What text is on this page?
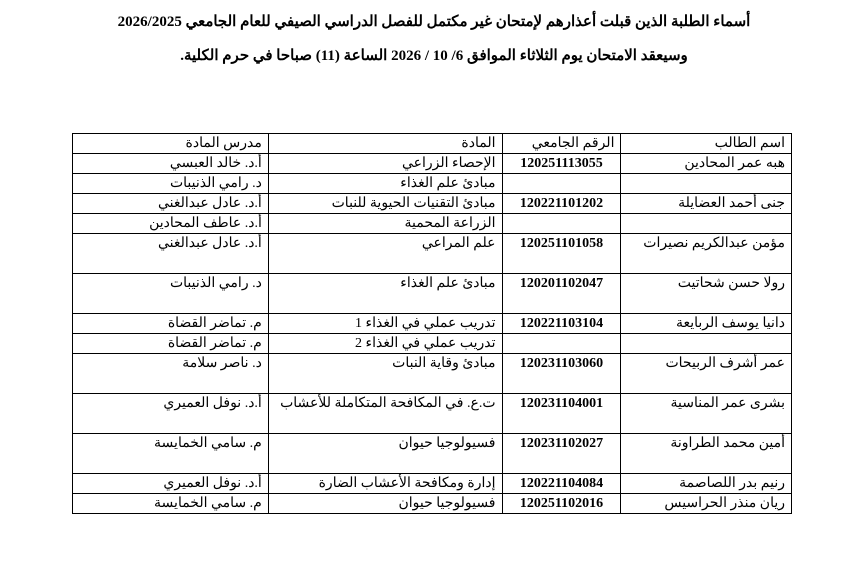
أسماء الطلبة الذين قبلت أعذارهم لإمتحان غير مكتمل للفصل الدراسي الصيفي للعام الجامعي 2026/2025
وسيعقد الامتحان يوم الثلاثاء الموافق 6/ 10 / 2026 الساعة (11) صباحا في حرم الكلية.
اسم الطالب	الرقم الجامعي	المادة	مدرس المادة
هبه عمر المحادين	120251113055	الإحصاء الزراعي	أ.د. خالد العبسي
		مبادئ علم الغذاء	د. رامي الذنيبات
جنى أحمد العضايلة	120221101202	مبادئ التقنيات الحيوية للنبات	أ.د. عادل عبدالغني
		الزراعة المحمية	أ.د. عاطف المحادين
مؤمن عبدالكريم نصيرات	120251101058	علم المراعي	أ.د. عادل عبدالغني
رولا حسن شحاتيت	120201102047	مبادئ علم الغذاء	د. رامي الذنيبات
دانيا يوسف الربايعة	120221103104	تدريب عملي في الغذاء 1	م. تماضر القضاة
		تدريب عملي في الغذاء 2	م. تماضر القضاة
عمر أشرف الربيحات	120231103060	مبادئ وقاية النبات	د. ناصر سلامة
بشرى عمر المناسية	120231104001	ت.ع. في المكافحة المتكاملة للأعشاب	أ.د. نوفل العميري
أمين محمد الطراونة	120231102027	فسيولوجيا حيوان	م. سامي الخمايسة
رنيم بدر اللصاصمة	120221104084	إدارة ومكافحة الأعشاب الضارة	أ.د. نوفل العميري
ريان منذر الحراسيس	120251102016	فسيولوجيا حيوان	م. سامي الخمايسة
